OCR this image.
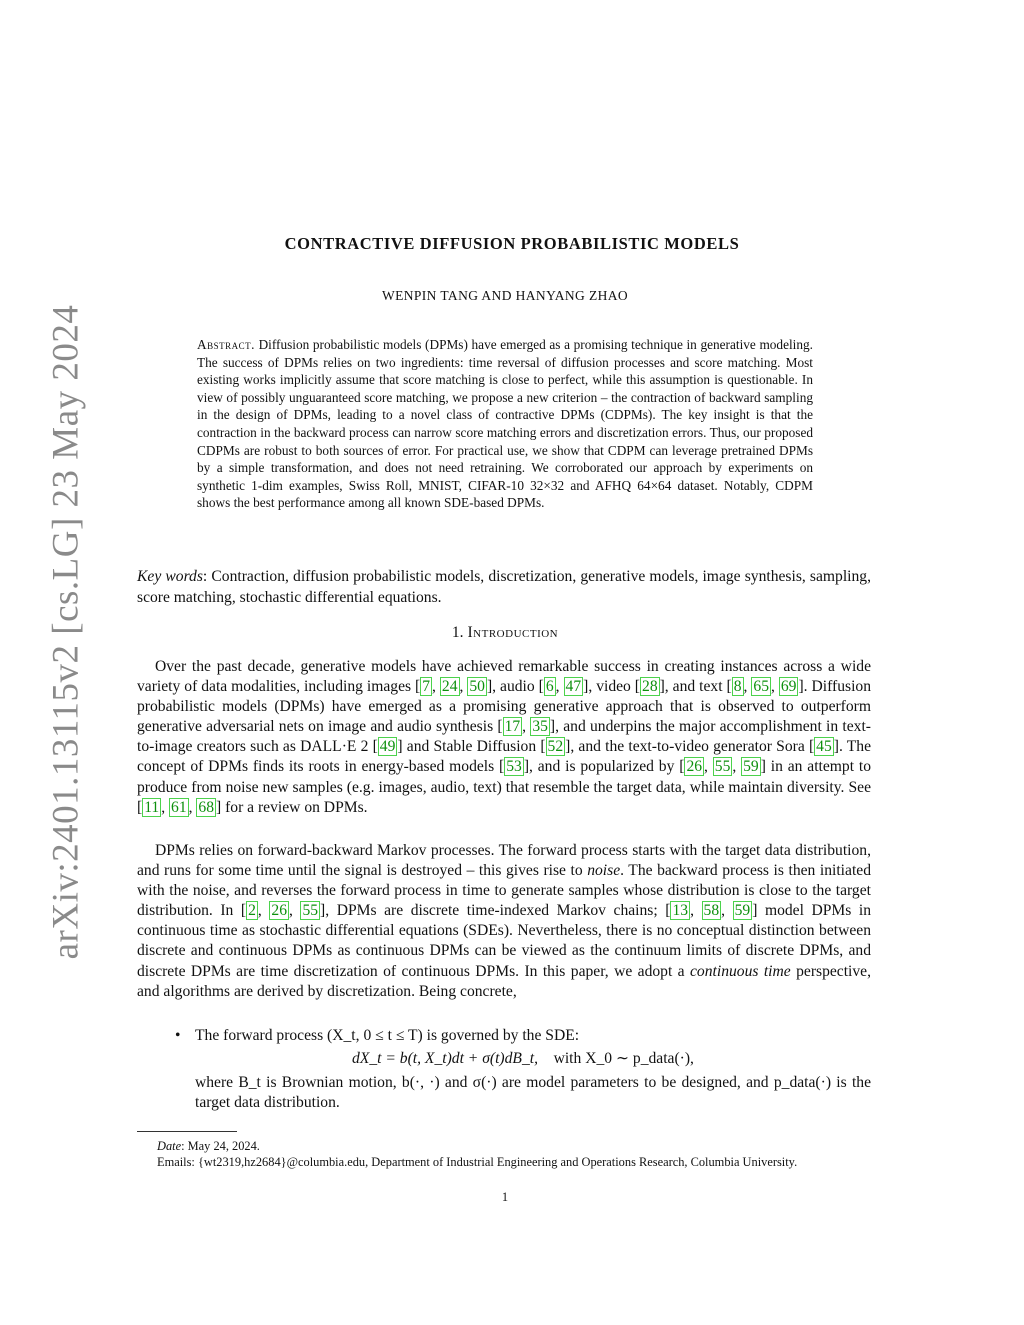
arXiv:2401.13115v2 [cs.LG] 23 May 2024
CONTRACTIVE DIFFUSION PROBABILISTIC MODELS
WENPIN TANG AND HANYANG ZHAO
Abstract. Diffusion probabilistic models (DPMs) have emerged as a promising technique in generative modeling. The success of DPMs relies on two ingredients: time reversal of diffusion processes and score matching. Most existing works implicitly assume that score matching is close to perfect, while this assumption is questionable. In view of possibly unguaranteed score matching, we propose a new criterion – the contraction of backward sampling in the design of DPMs, leading to a novel class of contractive DPMs (CDPMs). The key insight is that the contraction in the backward process can narrow score matching errors and discretization errors. Thus, our proposed CDPMs are robust to both sources of error. For practical use, we show that CDPM can leverage pretrained DPMs by a simple transformation, and does not need retraining. We corroborated our approach by experiments on synthetic 1-dim examples, Swiss Roll, MNIST, CIFAR-10 32×32 and AFHQ 64×64 dataset. Notably, CDPM shows the best performance among all known SDE-based DPMs.
Key words: Contraction, diffusion probabilistic models, discretization, generative models, image synthesis, sampling, score matching, stochastic differential equations.
1. Introduction

Over the past decade, generative models have achieved remarkable success in creating instances across a wide variety of data modalities, including images [ 7 , 24 , 50 ], audio [ 6 , 47 ], video [ 28 ], and text [ 8 , 65 , 69 ]. Diffusion probabilistic models (DPMs) have emerged as a promising generative approach that is observed to outperform generative adversarial nets on image and audio synthesis [ 17 , 35 ], and underpins the major accomplishment in text-to-image creators such as DALL·E 2 [ 49 ] and Stable Diffusion [ 52 ], and the text-to-video generator Sora [ 45 ]. The concept of DPMs finds its roots in energy-based models [ 53 ], and is popularized by [ 26 , 55 , 59 ] in an attempt to produce from noise new samples (e.g. images, audio, text) that resemble the target data, while maintain diversity. See [ 11 , 61 , 68 ] for a review on DPMs.

DPMs relies on forward-backward Markov processes. The forward process starts with the target data distribution, and runs for some time until the signal is destroyed – this gives rise to noise. The backward process is then initiated with the noise, and reverses the forward process in time to generate samples whose distribution is close to the target distribution. In [ 2 , 26 , 55 ], DPMs are discrete time-indexed Markov chains; [ 13 , 58 , 59 ] model DPMs in continuous time as stochastic differential equations (SDEs). Nevertheless, there is no conceptual distinction between discrete and continuous DPMs as continuous DPMs can be viewed as the continuum limits of discrete DPMs, and discrete DPMs are time discretization of continuous DPMs. In this paper, we adopt a continuous time perspective, and algorithms are derived by discretization. Being concrete,

• The forward process (X_t, 0 ≤ t ≤ T) is governed by the SDE:
dX_t = b(t, X_t)dt + σ(t)dB_t, with X_0 ∼ p_data(·),
where B_t is Brownian motion, b(·, ·) and σ(·) are model parameters to be designed, and p_data(·) is the target data distribution.
Date: May 24, 2024.
Emails: {wt2319,hz2684}@columbia.edu, Department of Industrial Engineering and Operations Research, Columbia University.
1
